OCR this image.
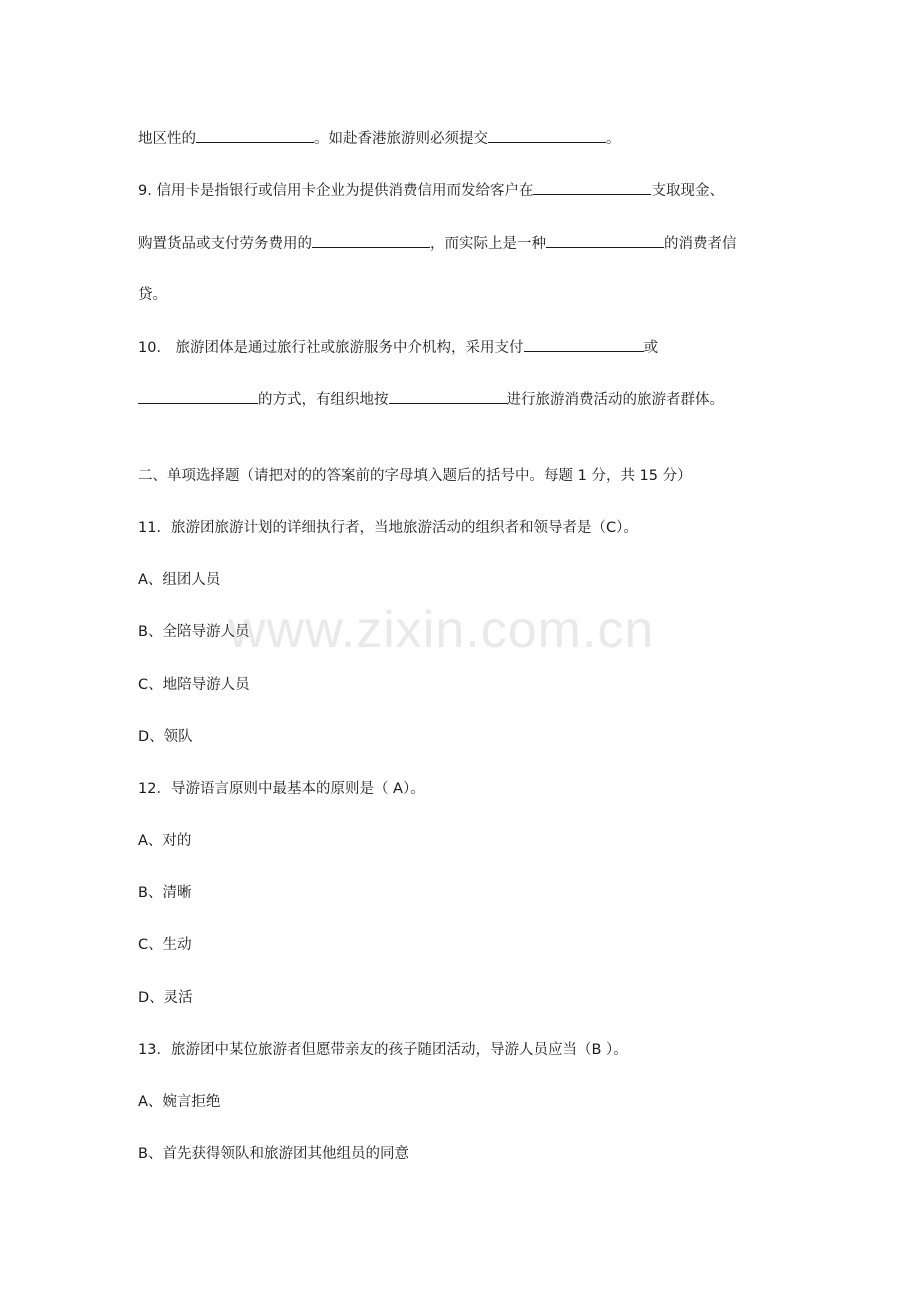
地区性的	。如赴香港旅游则必须提交	。
9. 信用卡是指银行或信用卡企业为提供消费信用而发给客户在	支取现金、
购置货品或支付劳务费用的	，而实际上是一种	的消费者信
贷。
10． 旅游团体是通过旅行社或旅游服务中介机构，采用支付	或
的方式，有组织地按	进行旅游消费活动的旅游者群体。
二、单项选择题（请把对的的答案前的字母填入题后的括号中。每题 1 分，共 15 分）
11．旅游团旅游计划的详细执行者，当地旅游活动的组织者和领导者是（C）。
A、组团人员
B、全陪导游人员
C、地陪导游人员
D、领队
12．导游语言原则中最基本的原则是（ A）。
A、对的
B、清晰
C、生动
D、灵活
13．旅游团中某位旅游者但愿带亲友的孩子随团活动，导游人员应当（B ）。
A、婉言拒绝
B、首先获得领队和旅游团其他组员的同意
www.zixin.com.cn
